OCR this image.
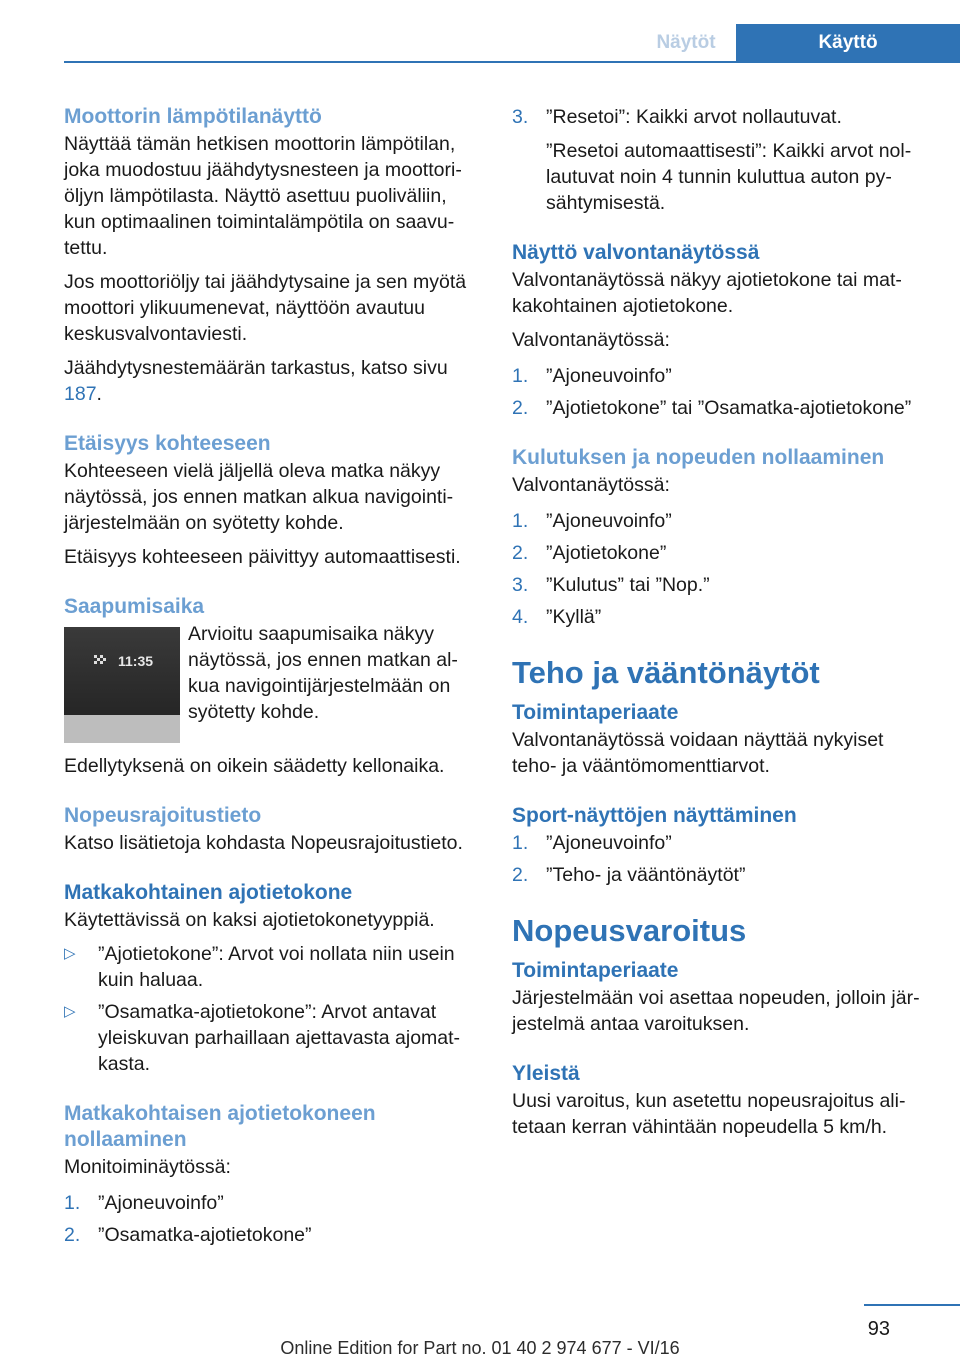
Näytöt	Käyttö
Moottorin lämpötilanäyttö

Näyttää tämän hetkisen moottorin lämpötilan, joka muodostuu jäähdytysnesteen ja moottoriöljyn lämpötilasta. Näyttö asettuu puoliväliin, kun optimaalinen toimintalämpötila on saavutettu.

Jos moottoriöljy tai jäähdytysaine ja sen myötä moottori ylikuumenevat, näyttöön avautuu keskusvalvontaviesti.

Jäähdytysnestemäärän tarkastus, katso sivu 187.

Etäisyys kohteeseen

Kohteeseen vielä jäljellä oleva matka näkyy näytössä, jos ennen matkan alkua navigointijärjestelmään on syötetty kohde.

Etäisyys kohteeseen päivittyy automaattisesti.

Saapumisaika
11:35

Arvioitu saapumisaika näkyy näytössä, jos ennen matkan alkua navigointijärjestelmään on syötetty kohde.

Edellytyksenä on oikein säädetty kellonaika.

Nopeusrajoitustieto

Katso lisätietoja kohdasta Nopeusrajoitustieto.

Matkakohtainen ajotietokone

Käytettävissä on kaksi ajotietokonetyyppiä.

▷	”Ajotietokone”: Arvot voi nollata niin usein kuin haluaa.
▷	”Osamatka-ajotietokone”: Arvot antavat yleiskuvan parhaillaan ajettavasta ajomatkasta.
Matkakohtaisen ajotietokoneen nollaaminen

Monitoiminäytössä:

1. ”Ajoneuvoinfo”
2. ”Osamatka-ajotietokone”
3. ”Resetoi”: Kaikki arvot nollautuvat.

”Resetoi automaattisesti”: Kaikki arvot nollautuvat noin 4 tunnin kuluttua auton pysähtymisestä.

Näyttö valvontanäytössä

Valvontanäytössä näkyy ajotietokone tai matkakohtainen ajotietokone.

Valvontanäytössä:

1. ”Ajoneuvoinfo”
2. ”Ajotietokone” tai ”Osamatka-ajotietokone”
Kulutuksen ja nopeuden nollaaminen

Valvontanäytössä:

1. ”Ajoneuvoinfo”
2. ”Ajotietokone”
3. ”Kulutus” tai ”Nop.”
4. ”Kyllä”
Teho ja vääntönäytöt
Toimintaperiaate

Valvontanäytössä voidaan näyttää nykyiset teho- ja vääntömomenttiarvot.

Sport-näyttöjen näyttäminen
1. ”Ajoneuvoinfo”
2. ”Teho- ja vääntönäytöt”
Nopeusvaroitus
Toimintaperiaate

Järjestelmään voi asettaa nopeuden, jolloin järjestelmä antaa varoituksen.

Yleistä

Uusi varoitus, kun asetettu nopeusrajoitus alitetaan kerran vähintään nopeudella 5 km/h.

93
Online Edition for Part no. 01 40 2 974 677 - VI/16
